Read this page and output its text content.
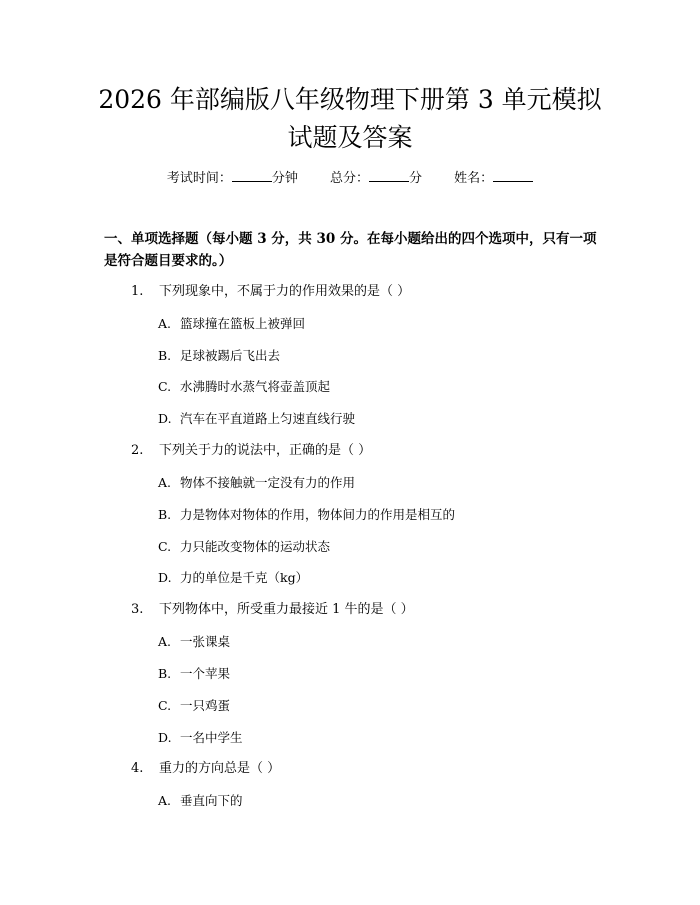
2026 年部编版八年级物理下册第 3 单元模拟
试题及答案
考试时间：	分钟 总分：	分 姓名：
一、单项选择题（每小题 3 分，共 30 分。在每小题给出的四个选项中，只有一项
是符合题目要求的。）
1. 下列现象中，不属于力的作用效果的是（ ）
A. 篮球撞在篮板上被弹回
B. 足球被踢后飞出去
C. 水沸腾时水蒸气将壶盖顶起
D. 汽车在平直道路上匀速直线行驶
2. 下列关于力的说法中，正确的是（ ）
A. 物体不接触就一定没有力的作用
B. 力是物体对物体的作用，物体间力的作用是相互的
C. 力只能改变物体的运动状态
D. 力的单位是千克（kg）
3. 下列物体中，所受重力最接近 1 牛的是（ ）
A. 一张课桌
B. 一个苹果
C. 一只鸡蛋
D. 一名中学生
4. 重力的方向总是（ ）
A. 垂直向下的
